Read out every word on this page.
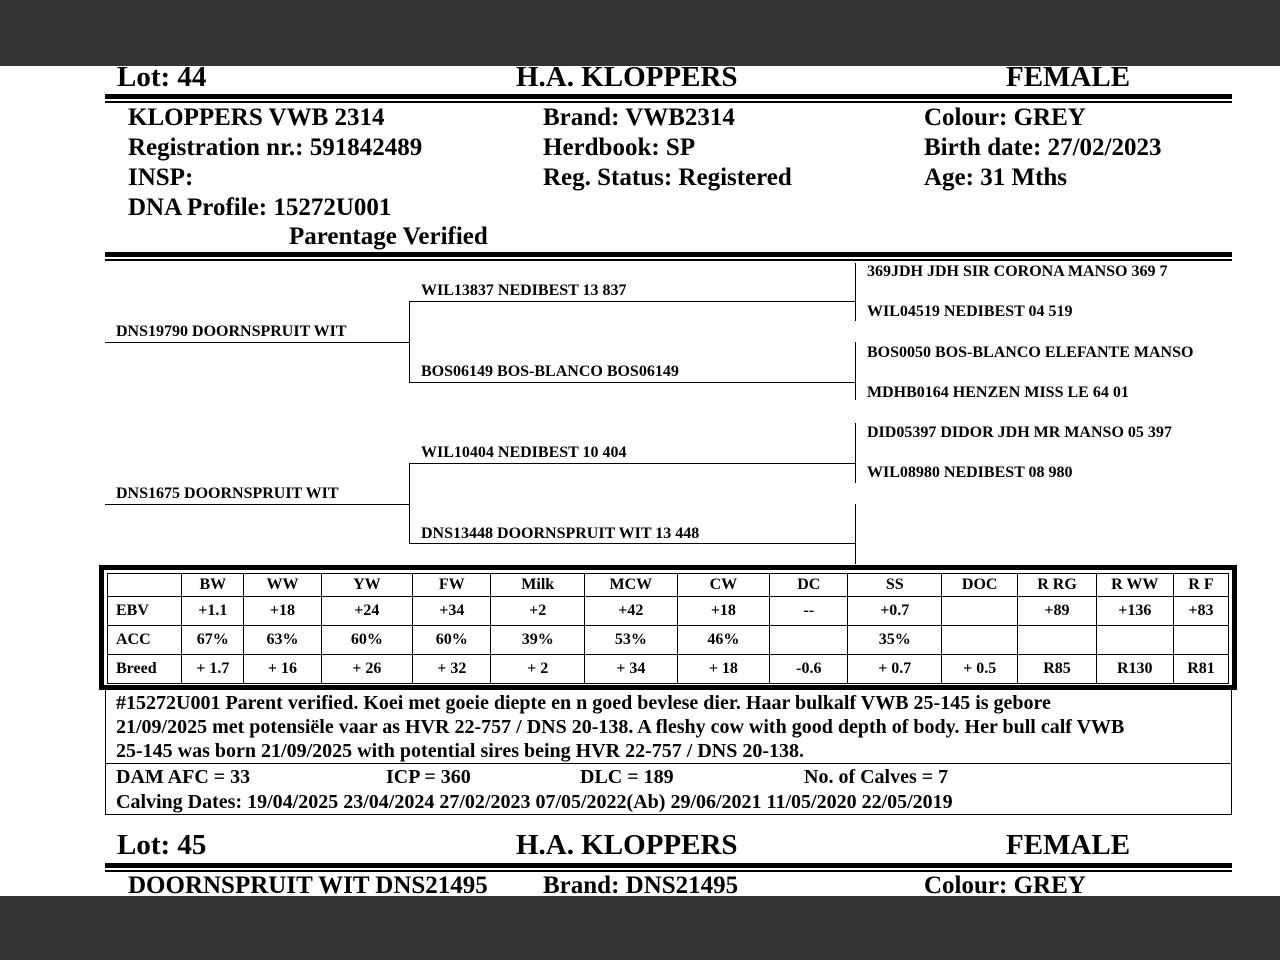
Lot: 44	H.A. KLOPPERS	FEMALE
KLOPPERS VWB 2314
Registration nr.: 591842489
INSP:
DNA Profile: 15272U001
Parentage Verified
Brand: VWB2314
Herdbook: SP
Reg. Status: Registered
Colour: GREY
Birth date: 27/02/2023
Age: 31 Mths
DNS19790 DOORNSPRUIT WIT
DNS1675 DOORNSPRUIT WIT
WIL13837 NEDIBEST 13 837
BOS06149 BOS-BLANCO BOS06149
WIL10404 NEDIBEST 10 404
DNS13448 DOORNSPRUIT WIT 13 448
369JDH JDH SIR CORONA MANSO 369 7
WIL04519 NEDIBEST 04 519
BOS0050 BOS-BLANCO ELEFANTE MANSO
MDHB0164 HENZEN MISS LE 64 01
DID05397 DIDOR JDH MR MANSO 05 397
WIL08980 NEDIBEST 08 980
	BW	WW	YW	FW	Milk	MCW	CW	DC	SS	DOC	R RG	R WW	R F
EBV	+1.1	+18	+24	+34	+2	+42	+18	--	+0.7		+89	+136	+83
ACC	67%	63%	60%	60%	39%	53%	46%		35%				
Breed	+ 1.7	+ 16	+ 26	+ 32	+ 2	+ 34	+ 18	-0.6	+ 0.7	+ 0.5	R85	R130	R81
#15272U001 Parent verified. Koei met goeie diepte en n goed bevlese dier. Haar bulkalf VWB 25-145 is gebore
21/09/2025 met potensiële vaar as HVR 22-757 / DNS 20-138. A fleshy cow with good depth of body. Her bull calf VWB
25-145 was born 21/09/2025 with potential sires being HVR 22-757 / DNS 20-138.
DAM AFC = 33	ICP = 360	DLC = 189	No. of Calves = 7
Calving Dates: 19/04/2025 23/04/2024 27/02/2023 07/05/2022(Ab) 29/06/2021 11/05/2020 22/05/2019
Lot: 45	H.A. KLOPPERS	FEMALE
DOORNSPRUIT WIT DNS21495 Brand: DNS21495	Colour: GREY
